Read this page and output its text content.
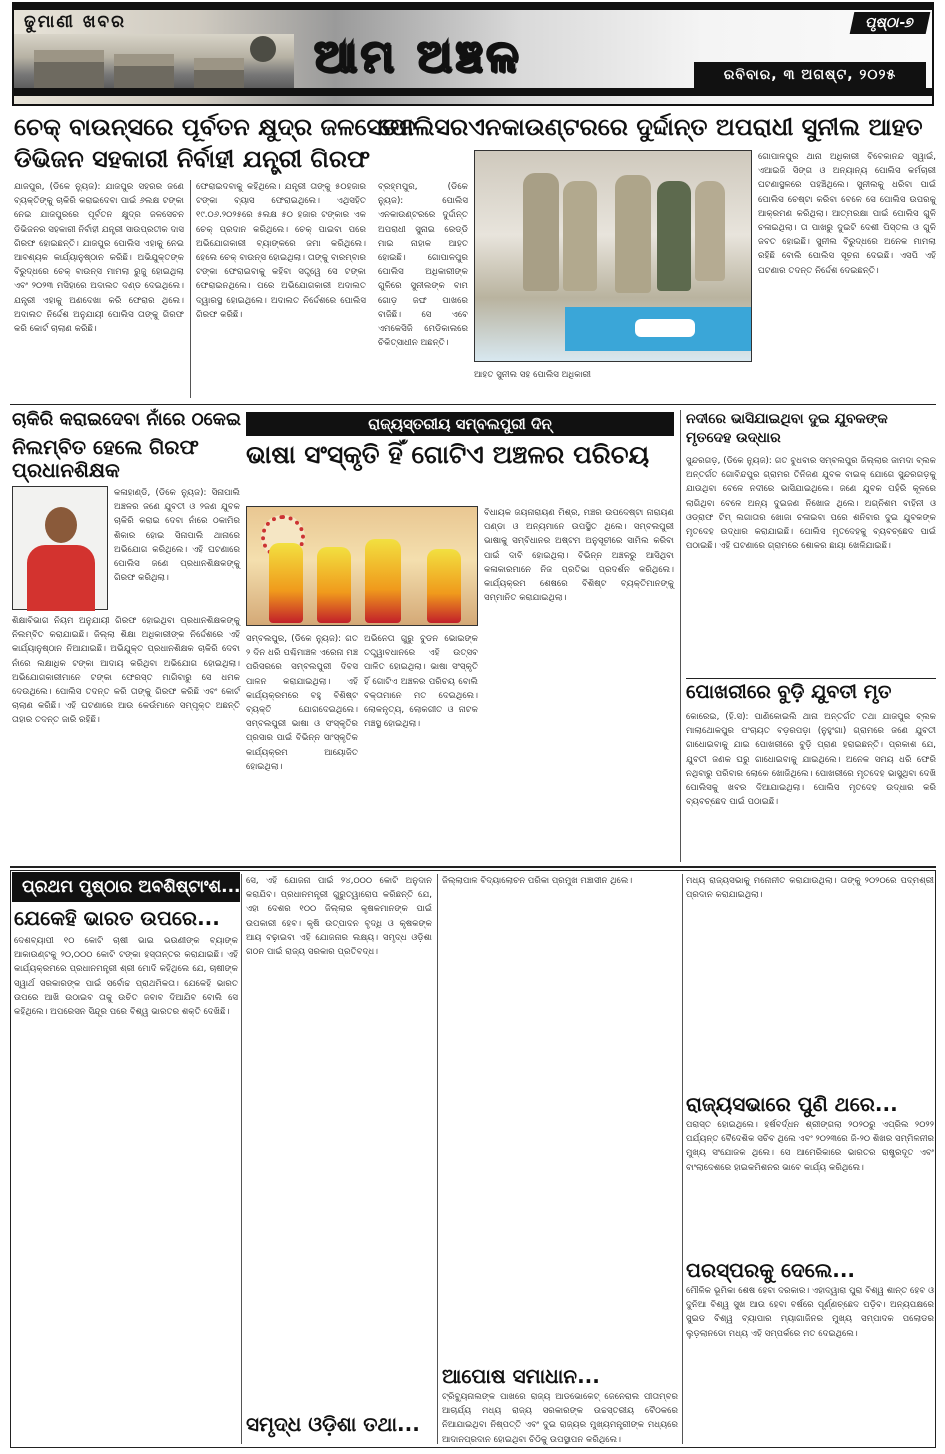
ଢୁମାଣୀ ଖବର
ଆମ ଅଞ୍ଚଳ
ପୃଷ୍ଠା-୭
ରବିବାର, ୩ ଅଗଷ୍ଟ, ୨୦୨୫
ଚେକ୍ ବାଉନ୍ସରେ ପୂର୍ବତନ କ୍ଷୁଦ୍ର ଜଳସେଚନ
ଡିଭିଜନ ସହକାରୀ ନିର୍ବାହୀ ଯନ୍ତ୍ରୀ ଗିରଫ
ଯାଜପୁର, (ଡିକେ ନ୍ୟୁଜ): ଯାଜପୁର ସହରର ଜଣେ ବ୍ୟକ୍ତିଙ୍କୁ ଚାକିରି କରାଇଦେବା ପାଇଁ ୬ଲକ୍ଷ ଟଙ୍କା ନେଇ ଯାଜପୁରରେ ପୂର୍ବତନ କ୍ଷୁଦ୍ର ଜଳସେଚନ ଡିଭିଜନର ସହକାରୀ ନିର୍ବାହୀ ଯନ୍ତ୍ରୀ ସାଉପ୍ରତୀକ ଦାସ ଗିରଫ ହୋଇଛନ୍ତି। ଯାଜପୁର ପୋଲିସ ଏହାକୁ ନେଇ ଆବଶ୍ୟକ କାର୍ଯ୍ୟାନୁଷ୍ଠାନ କରିଛି। ଅଭିଯୁକ୍ତଙ୍କ ବିରୁଦ୍ଧରେ ଚେକ୍ ବାଉନ୍ସ ମାମଲା ରୁଜୁ ହୋଇଥିଲା ଏବଂ ୨୦୨୩ ମସିହାରେ ଅଦାଲତ ଦଣ୍ଡ ଦେଇଥିଲେ। ଯନ୍ତ୍ରୀ ଏହାକୁ ଅଣଦେଖା କରି ଫେରାର ଥିଲେ। ଅଦାଲତ ନିର୍ଦ୍ଦେଶ ଅନୁଯାୟୀ ପୋଲିସ ତାଙ୍କୁ ଗିରଫ କରି କୋର୍ଟ ଚାଲାଣ କରିଛି।
ଫେରାଇଦବାକୁ କହିଥିଲେ। ଯନ୍ତ୍ରୀ ତାଙ୍କୁ ୫୦ହଜାର ଟଙ୍କା ବ୍ୟାସ ଫେରାଇଥିଲେ। ଏଥିସହିତ ୧୯.୦୬.୨୦୨୫ରେ ୫ଲକ୍ଷ ୫୦ ହଜାର ଟଙ୍କାର ଏକ ଚେକ୍ ପ୍ରଦାନ କରିଥିଲେ। ଚେକ୍ ପାଇବା ପରେ ଅଭିଯୋଗକାରୀ ବ୍ୟାଙ୍କରେ ଜମା କରିଥିଲେ। ହେଲେ ଚେକ୍ ବାଉନ୍ସ ହୋଇଥିଲା। ତାଙ୍କୁ ବାରମ୍ବାର ଟଙ୍କା ଫେରାଇବାକୁ କହିବା ସତ୍ତ୍ୱେ ସେ ଟଙ୍କା ଫେରାଇନଥିଲେ। ପରେ ଅଭିଯୋଗକାରୀ ଅଦାଲତ ଦ୍ୱାରସ୍ଥ ହୋଇଥିଲେ। ଅଦାଲତ ନିର୍ଦ୍ଦେଶରେ ପୋଲିସ ଗିରଫ କରିଛି।
ପୋଲିସରଏନକାଉଣ୍ଟରରେ ଦୁର୍ଦ୍ଦାନ୍ତ ଅପରାଧୀ ସୁନୀଲ ଆହତ
ବ୍ରହ୍ମପୁର, (ଡିକେ ନ୍ୟୁଜ): ପୋଲିସ ଏନକାଉଣ୍ଟରରେ ଦୁର୍ଦ୍ଦାନ୍ତ ଅପରାଧୀ ସୁନାଇ ରେଡ୍ଡି ମାଇ ନାହାକ ଆହତ ହୋଇଛି। ଗୋପାଳପୁର ପୋଲିସ ଅଧିକାରୀଙ୍କ ଗୁଳିରେ ସୁନୀଲଙ୍କ ବାମ ଗୋଡ଼ ଜଙ୍ଘ ପାଖରେ ବାଜିଛି। ସେ ଏବେ ଏମକେସିଜି ମେଡିକାଲରେ ଚିକିତ୍ସାଧୀନ ଅଛନ୍ତି।
ଆହତ ସୁନୀଲ ସହ ପୋଲିସ ଅଧିକାରୀ
ଗୋପାଳପୁର ଥାନା ଅଧିକାରୀ ବିବେକାନନ୍ଦ ସ୍ୱାଇଁ, ଏଆଇଜି ସିଙ୍ଗ ଓ ଅନ୍ୟାନ୍ୟ ପୋଲିସ କର୍ମଚାରୀ ଘଟଣାସ୍ଥଳରେ ପହଞ୍ଚିଥିଲେ। ସୁନୀଲକୁ ଧରିବା ପାଇଁ ପୋଲିସ ଚେଷ୍ଟା କରିବା ବେଳେ ସେ ପୋଲିସ ଉପରକୁ ଆକ୍ରମଣ କରିଥିଲା। ଆତ୍ମରକ୍ଷା ପାଇଁ ପୋଲିସ ଗୁଳି ଚଳାଇଥିଲା। ତା ପାଖରୁ ଦୁଇଟି ଦେଶୀ ପିସ୍ତଲ ଓ ଗୁଳି ଜବତ ହୋଇଛି। ସୁନୀଲ ବିରୁଦ୍ଧରେ ଅନେକ ମାମଲା ରହିଛି ବୋଲି ପୋଲିସ ସୂଚନା ଦେଇଛି। ଏସପି ଏହି ଘଟଣାର ତଦନ୍ତ ନିର୍ଦ୍ଦେଶ ଦେଇଛନ୍ତି।
ଚାକିରି କରାଇଦେବା ନାଁରେ ଠକେଇ
ନିଲମ୍ବିତ ହେଲେ ଗିରଫ ପ୍ରଧାନଶିକ୍ଷକ
କଳାହାଣ୍ଡି, (ଡିକେ ନ୍ୟୁଜ): ସିନାପାଲି ଅଞ୍ଚଳର ଜଣେ ଯୁବତୀ ଓ ୨ଜଣ ଯୁବକ ଚାକିରି କରାଇ ଦେବା ନାଁରେ ଠକାମିର ଶିକାର ହୋଇ ସିନାପାଲି ଥାନାରେ ଅଭିଯୋଗ କରିଥିଲେ। ଏହି ଘଟଣାରେ ପୋଲିସ ଜଣେ ପ୍ରଧାନଶିକ୍ଷକଙ୍କୁ ଗିରଫ କରିଥିଲା।
ଶିକ୍ଷାବିଭାଗ ନିୟମ ଅନୁଯାୟୀ ଗିରଫ ହୋଇଥିବା ପ୍ରଧାନଶିକ୍ଷକଙ୍କୁ ନିଲମ୍ବିତ କରାଯାଇଛି। ଜିଲ୍ଲା ଶିକ୍ଷା ଅଧିକାରୀଙ୍କ ନିର୍ଦ୍ଦେଶରେ ଏହି କାର୍ଯ୍ୟାନୁଷ୍ଠାନ ନିଆଯାଇଛି। ଅଭିଯୁକ୍ତ ପ୍ରଧାନଶିକ୍ଷକ ଚାକିରି ଦେବା ନାଁରେ ଲକ୍ଷାଧିକ ଟଙ୍କା ଆଦାୟ କରିଥିବା ଅଭିଯୋଗ ହୋଇଥିଲା। ଅଭିଯୋଗକାରୀମାନେ ଟଙ୍କା ଫେରସ୍ତ ମାଗିବାରୁ ସେ ଧମକ ଦେଉଥିଲେ। ପୋଲିସ ତଦନ୍ତ କରି ତାଙ୍କୁ ଗିରଫ କରିଛି ଏବଂ କୋର୍ଟ ଚାଲାଣ କରିଛି। ଏହି ଘଟଣାରେ ଆଉ କେଉଁମାନେ ସମ୍ପୃକ୍ତ ଅଛନ୍ତି ତାହାର ତଦନ୍ତ ଜାରି ରହିଛି।
ରାଜ୍ୟସ୍ତରୀୟ ସମ୍ବଲପୁରୀ ଦିନ୍
ଭାଷା ସଂସ୍କୃତି ହିଁ ଗୋଟିଏ ଅଞ୍ଚଳର ପରିଚୟ
ବିଧାୟକ ଜୟନାରାୟଣ ମିଶ୍ର, ମଞ୍ଚର ଉପଦେଷ୍ଟା ନାରାୟଣ ପଣ୍ଡା ଓ ଅନ୍ୟମାନେ ଉପସ୍ଥିତ ଥିଲେ। ସମ୍ବଲପୁରୀ ଭାଷାକୁ ସମ୍ବିଧାନର ଅଷ୍ଟମ ଅନୁସୂଚୀରେ ସାମିଲ କରିବା ପାଇଁ ଦାବି ହୋଇଥିଲା। ବିଭିନ୍ନ ଅଞ୍ଚଳରୁ ଆସିଥିବା କଳାକାରମାନେ ନିଜ ପ୍ରତିଭା ପ୍ରଦର୍ଶନ କରିଥିଲେ। କାର୍ଯ୍ୟକ୍ରମ ଶେଷରେ ବିଶିଷ୍ଟ ବ୍ୟକ୍ତିମାନଙ୍କୁ ସମ୍ମାନିତ କରାଯାଇଥିଲା।
ସମ୍ବଲପୁର, (ଡିକେ ନ୍ୟୁଜ): ଗତ ୨ ଦିନ ଧରି ପଶ୍ଚିମାଞ୍ଚଳ ଏରେନା ମଞ୍ଚ ପରିସରରେ ସମ୍ବଲପୁରୀ ଦିବସ ପାଳନ କରାଯାଇଥିଲା। ଏହି କାର୍ଯ୍ୟକ୍ରମରେ ବହୁ ବିଶିଷ୍ଟ ବ୍ୟକ୍ତି ଯୋଗଦେଇଥିଲେ। ସମ୍ବଲପୁରୀ ଭାଷା ଓ ସଂସ୍କୃତିର ପ୍ରସାର ପାଇଁ ବିଭିନ୍ନ ସାଂସ୍କୃତିକ କାର୍ଯ୍ୟକ୍ରମ ଆୟୋଜିତ ହୋଇଥିଲା।
ଅଭିନେତା ଗୁରୁ ବୁଡନ ଭୋଇଙ୍କ ତତ୍ତ୍ୱାବଧାନରେ ଏହି ଉତ୍ସବ ପାଳିତ ହୋଇଥିଲା। ଭାଷା ସଂସ୍କୃତି ହିଁ ଗୋଟିଏ ଅଞ୍ଚଳର ପରିଚୟ ବୋଲି ବକ୍ତାମାନେ ମତ ଦେଇଥିଲେ। ଲୋକନୃତ୍ୟ, ଲୋକଗୀତ ଓ ନାଟକ ମଞ୍ଚସ୍ଥ ହୋଇଥିଲା।
ନଦୀରେ ଭାସିଯାଇଥିବା ଦୁଇ ଯୁବକଙ୍କ ମୃତଦେହ ଉଦ୍ଧାର
ସୁନ୍ଦରଗଡ଼, (ଡିକେ ନ୍ୟୁଜ): ଗତ ବୁଧବାର ସମ୍ବଲପୁର ଜିଲ୍ଲାର ଜାମଦା ବ୍ଲକ ଅନ୍ତର୍ଗତ ଗୋବିନ୍ଦପୁର ଗ୍ରାମର ତିନିଜଣ ଯୁବକ ବାଇକ୍ ଯୋଗେ ସୁନ୍ଦରଗଡ଼କୁ ଯାଉଥିବା ବେଳେ ନଦୀରେ ଭାସିଯାଇଥିଲେ। ଜଣେ ଯୁବକ ପହଁରି କୂଳରେ ଲାଗିଥିବା ବେଳେ ଅନ୍ୟ ଦୁଇଜଣ ନିଖୋଜ ଥିଲେ। ଅଗ୍ନିଶମ ବାହିନୀ ଓ ଓଡ୍ରାଫ ଟିମ୍ ଲଗାତାର ଖୋଜା ଚଳାଇବା ପରେ ଶନିବାର ଦୁଇ ଯୁବକଙ୍କ ମୃତଦେହ ଉଦ୍ଧାର କରାଯାଇଛି। ପୋଲିସ ମୃତଦେହକୁ ବ୍ୟବଚ୍ଛେଦ ପାଇଁ ପଠାଇଛି। ଏହି ଘଟଣାରେ ଗ୍ରାମରେ ଶୋକର ଛାୟା ଖେଳିଯାଇଛି।
ପୋଖରୀରେ ବୁଡ଼ି ଯୁବତୀ ମୃତ
କୋରେଇ, (ହି.ସ): ପାଣିକୋଇଲି ଥାନା ଅନ୍ତର୍ଗତ ତଥା ଯାଜପୁର ବ୍ଲକ ମାଲାଥୋକପୁର ପଂଚାୟତ ବଡ଼ରପଡ଼ା (ନୁହୁଂଗା) ଗ୍ରାମରେ ଜଣେ ଯୁବତୀ ଗାଧୋଇବାକୁ ଯାଇ ପୋଖରୀରେ ବୁଡ଼ି ପ୍ରାଣ ହରାଇଛନ୍ତି। ପ୍ରକାଶ ଯେ, ଯୁବତୀ ଜଣକ ଘରୁ ଗାଧୋଇବାକୁ ଯାଇଥିଲେ। ଅନେକ ସମୟ ଧରି ଫେରି ନଥିବାରୁ ପରିବାର ଲୋକେ ଖୋଜିଥିଲେ। ପୋଖରୀରେ ମୃତଦେହ ଭାସୁଥିବା ଦେଖି ପୋଲିସକୁ ଖବର ଦିଆଯାଇଥିଲା। ପୋଲିସ ମୃତଦେହ ଉଦ୍ଧାର କରି ବ୍ୟବଚ୍ଛେଦ ପାଇଁ ପଠାଇଛି।
ପ୍ରଥମ ପୃଷ୍ଠାର ଅବଶିଷ୍ଟାଂଶ...
ଯେକେହି ଭାରତ ଉପରେ...
ଦେଶବ୍ୟାପୀ ୧୦ କୋଟି ଚାଷୀ ଭାଇ ଭଉଣୀଙ୍କ ବ୍ୟାଙ୍କ ଆକାଉଣ୍ଟକୁ ୨୦,୦୦୦ କୋଟି ଟଙ୍କା ହସ୍ତାନ୍ତର କରାଯାଇଛି। ଏହି କାର୍ଯ୍ୟକ୍ରମରେ ପ୍ରଧାନମନ୍ତ୍ରୀ ଶ୍ରୀ ମୋଦି କହିଥିଲେ ଯେ, ଚାଷୀଙ୍କ ସ୍ୱାର୍ଥ ସରକାରଙ୍କ ପାଇଁ ସର୍ବୋଚ୍ଚ ପ୍ରାଥମିକତା। ଯେକେହି ଭାରତ ଉପରେ ଆଖି ଉଠାଇବ ତାକୁ ଉଚିତ ଜବାବ ଦିଆଯିବ ବୋଲି ସେ କହିଥିଲେ। ଅପରେସନ ସିନ୍ଦୂର ପରେ ବିଶ୍ୱ ଭାରତର ଶକ୍ତି ଦେଖିଛି।
ସେ, ଏହି ଯୋଜନା ପାଇଁ ୨୪,୦୦୦ କୋଟି ଅନୁଦାନ କରାଯିବ। ପ୍ରଧାନମନ୍ତ୍ରୀ ଗୁରୁତ୍ୱାରୋପ କରିଛନ୍ତି ଯେ, ଏହା ଦେଶର ୧୦୦ ଜିଲ୍ଲାର କୃଷକମାନଙ୍କ ପାଇଁ ଉପକାରୀ ହେବ। କୃଷି ଉତ୍ପାଦନ ବୃଦ୍ଧି ଓ କୃଷକଙ୍କ ଆୟ ବଢ଼ାଇବା ଏହି ଯୋଜନାର ଲକ୍ଷ୍ୟ। ସମୃଦ୍ଧ ଓଡ଼ିଶା ଗଠନ ପାଇଁ ରାଜ୍ୟ ସରକାର ପ୍ରତିବଦ୍ଧ।
ସମୃଦ୍ଧ ଓଡ଼ିଶା ତଥା...
ଜିଲ୍ଲାପାଳ ବିଦ୍ୟାଲୋଚନ ପରିକା ପ୍ରମୁଖ ମଞ୍ଚାସୀନ ଥିଲେ।
ଆପୋଷ ସମାଧାନ...
ଟ୍ରିବ୍ୟୁନାଲଙ୍କ ପାଖରେ ରାଜ୍ୟ ଆଡଭୋକେଟ୍ ଜେନେରାଲ ପୀତାମ୍ବର ଆଚାର୍ଯ୍ୟ ମଧ୍ୟ ରାଜ୍ୟ ସରକାରଙ୍କ ଉଚ୍ଚସ୍ତରୀୟ ବୈଠକରେ ନିଆଯାଇଥିବା ନିଷ୍ପତ୍ତି ଏବଂ ଦୁଇ ରାଜ୍ୟର ମୁଖ୍ୟମନ୍ତ୍ରୀଙ୍କ ମଧ୍ୟରେ ଆଦାନପ୍ରଦାନ ହୋଇଥିବା ଚିଠିକୁ ଉପସ୍ଥାପନ କରିଥିଲେ।
ମଧ୍ୟ ରାଜ୍ୟସଭାକୁ ମନୋନୀତ କରାଯାଉଥିଲା। ତାଙ୍କୁ ୨୦୨୦ରେ ପଦ୍ମଶ୍ରୀ ପ୍ରଦାନ କରାଯାଇଥିଲା।
ରାଜ୍ୟସଭାରେ ପୁଣି ଥରେ...
ପରାସ୍ତ ହୋଇଥିଲେ। ହର୍ଷବର୍ଦ୍ଧନ ଶ୍ରୀଙ୍ଗଲା ୨୦୨୦ରୁ ଏପ୍ରିଲ ୨୦୨୨ ପର୍ଯ୍ୟନ୍ତ ବୈଦେଶିକ ସଚିବ ଥିଲେ ଏବଂ ୨୦୨୩ରେ ଜି-୨୦ ଶିଖର ସମ୍ମିଳନୀର ମୁଖ୍ୟ ସଂଯୋଜକ ଥିଲେ। ସେ ଆମେରିକାରେ ଭାରତର ରାଷ୍ଟ୍ରଦୂତ ଏବଂ ବାଂଲାଦେଶରେ ହାଇକମିଶନର ଭାବେ କାର୍ଯ୍ୟ କରିଥିଲେ।
ପରସ୍ପରକୁ ଦେଲେ...
ମୌଳିକ ଭୂମିକା ଶେଷ ହେବା ଦରକାର। ଏହାଦ୍ୱାରା ପୁରା ବିଶ୍ୱ ଶାନ୍ତ ହେବ ଓ ଦୁନିଆ ବିଶ୍ୱ ସୁଖ ଆଉ ହେବା ବର୍ଷରେ ପୂର୍ଣ୍ଣଚ୍ଛେଦ ପଡ଼ିବ। ଅନ୍ୟପକ୍ଷରେ ସୁଇଡ ବିଶ୍ୱ ବ୍ୟାପାର ମ୍ୟାଗାଜିନର ମୁଖ୍ୟ ସମ୍ପାଦକ ପଲୋଡର ଲୁଡ଼ଲାନଡୋ ମଧ୍ୟ ଏହି ସମ୍ପର୍କରେ ମତ ଦେଇଥିଲେ।
